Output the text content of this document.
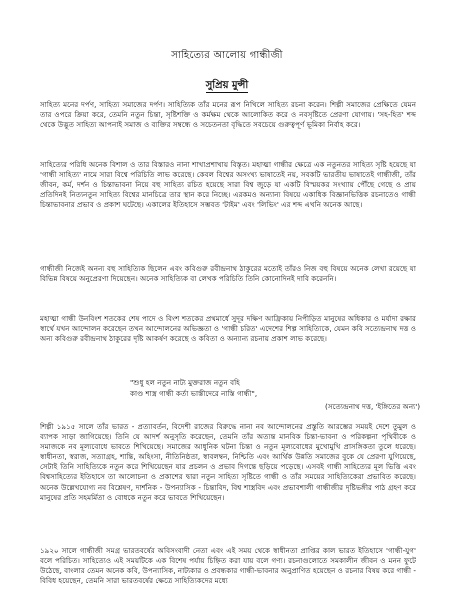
সাহিত্যের আলোয় গান্ধীজী
সুপ্রিয় মুন্সী

সাহিত্য মনের দর্পণ, সাহিত্য সমাজের দর্পণ। সাহিত্যিক তাঁর মনের রূপ নিখিলে সাহিত্য রচনা করেন। শিল্পী সমাজের প্রেক্ষিতে যেমন তার ওপরে ক্রিয়া করে, তেমনি নতুন চিন্তা, সৃষ্টিশক্তি ও কর্মক্ষম থেকে আলোকিত করে ও নবসৃষ্টিতে প্রেরণা যোগায়। 'সহ-হিত' শব্দ থেকে উদ্ভূত সাহিত্য আপনাই সমাজ ও ব্যক্তির সম্বন্ধে ও সচেতনতা বৃদ্ধিতে সবচেয়ে গুরুত্বপূর্ণ ভূমিকা নির্বাহ করে।

সাহিত্যের পরিধি অনেক বিশাল ও তার বিস্তারও নানা শাখাপ্রশাখায় বিস্তৃত। মহাত্মা গান্ধীর ক্ষেত্রে এক নতুনতর সাহিত্য সৃষ্টি হয়েছে যা 'গান্ধী সাহিত্য' নামে সারা বিশ্বে পরিচিতি লাভ করেছে। কেবল বিশ্বের অসংখ্য ভাষাতেই নয়, সবকটি ভারতীয় ভাষাতেই গান্ধীজী, তাঁর জীবন, কর্ম, দর্শন ও চিন্তাভাবনা নিয়ে বহু সাহিত্য রচিত হয়েছে সারা বিশ্ব জুড়ে যা একটি বিস্ময়কর সংখ্যায় পৌঁছে গেছে ও প্রায় প্রতিদিনই নিত্যনতুন সাহিত্য বিশ্বের মানচিত্রে তার স্থান করে নিচ্ছে। এরকমও অন্যান্য বিষয়ে একাধিক বিজ্ঞানভিত্তিক রচনাতেও গান্ধী চিন্তাভাবনার প্রভাব ও প্রকাশ ঘটেছে। একালের ইতিহাসে সম্ভবত 'টাইম' এবং 'লিভিং' এর শব্দ এখনি অনেক আছে।

গান্ধীজী নিজেই অনন্য বহু সাহিত্যিক ছিলেন এবং কবিগুরু রবীন্দ্রনাথ ঠাকুরের মতোই তাঁরও নিজ বহু বিষয়ে অনেক লেখা রয়েছে যা বিভিন্ন বিষয়ে অনুপ্রেরণা দিয়েছেন। অনেক সাহিত্যিক বা লেখক পরিচিতি তিনি কোনোদিনই দাবি করেননি।

মহাত্মা গান্ধী উনবিংশ শতকের শেষ পাদে ও বিংশ শতকের প্রথমার্ধে সুদূর দক্ষিণ আফ্রিকায় নিপীড়িত মানুষের অধিকার ও মর্যাদা রক্ষার স্বার্থে যখন আন্দোলন করেছেন তখন আন্দোলনের অভিজ্ঞতা ও 'গান্ধী চরিত' এদেশের শিল্প সাহিত্যিকে, যেমন কবি সত্যেন্দ্রনাথ দত্ত ও অন্য কবিগুরু রবীন্দ্রনাথ ঠাকুরের দৃষ্টি আকর্ষণ করেছে ও কবিতা ও অন্যান্য রচনায় প্রকাশ লাভ করেছে।

"শুধু হল নতুন নাট্য মুক্তরাজ নতুন বহি

কাণ্ড শাস্ত্র গান্ধী কর্তা ভাস্তীদেরে নাস্তি গান্ধী",

(সত্যেন্দ্রনাথ দত্ত, 'ইঙ্গিতের অন্য')

শিল্পী ১৯১৫ সালে তাঁর ভারত - প্রত্যাবর্তন, বিদেশী রাজের বিরুদ্ধে নানা নব আন্দোলনের প্রস্তুতি আরম্ভের সময়ই দেশে তুমুল ও ব্যাপক সাড়া জাগিয়েছে। তিনি যে আদর্শ অনুসৃতি করেছেন, তেমনি তাঁর অত্যন্ত মানবিক চিন্তা-ভাবনা ও পরিকল্পনা পৃথিবীকে ও সমাজকে নব মূল্যবোধে ভাবতে শিখিয়েছে। সমাজের আধুনিক ঘটনা চিন্তা ও নতুন মূল্যবোধের মুখোমুখি প্রাসঙ্গিকতা তুলে ধরেছে। স্বাধীনতা, স্বরাজ, সত্যাগ্রহ, শান্তি, অহিংসা, নীতিনিষ্ঠতা, স্বাবলম্বন, নিশ্চিতি এবং আর্থিক উন্নতি সমাজের বুকে যে প্রেরণা যুগিয়েছে, সেটাই তিনি সাহিত্যিকে নতুন করে শিখিয়েছেন যার প্রচলন ও প্রভাব দিগন্তে ছড়িয়ে পড়েছে। এসবই গান্ধী সাহিত্যের মূল ভিত্তি এবং বিশ্বসাহিত্যের ইতিহাসে তা আলোচনা ও প্রকাশের দ্বারা নতুন সাহিত্য সৃষ্টিতে গান্ধী ও তাঁর সময়ের সাহিত্যিকেরা প্রভাবিত করেছে। অনেক উল্লেখযোগ্য নব বিশ্লেষণ, দার্শনিক - উপন্যাসিক - চিন্তাবিদ, বিশ্ব শাস্ত্রবিদ এবং প্রভাবশালী গান্ধীজীর দৃষ্টিভঙ্গীর পাঠ গ্রহণ করে মানুষের প্রতি সহমর্মিতা ও বোধকে নতুন করে ভাবতে শিখিয়েছেন।

১৯২০ সালে গান্ধীজী সমগ্র ভারতবর্ষের অবিসংবাদী নেতা এবং এই সময় থেকে স্বাধীনতা প্রাপ্তির কাল ভারত ইতিহাসে 'গান্ধী-যুগ' বলে পরিচিত। সাহিত্যেও এই সময়টিকে এক বিশেষ পর্যায় চিহ্নিত করা যায় বলে গণ্য। রচনাগুলোতে সমকালীন জীবন ও মনন ফুটে উঠেছে, বাংলার তেমন অনেক কবি, উপন্যাসিক, নাট্যকার ও প্রবন্ধকার গান্ধী-ভাবনার অনুপ্রাণিত হয়েছেন ও রচনার বিষয় করে গান্ধী - বিবিধ হয়েছেন, তেমনি সারা ভারতবর্ষের ক্ষেত্রে সাহিত্যিকদের মধ্যে
